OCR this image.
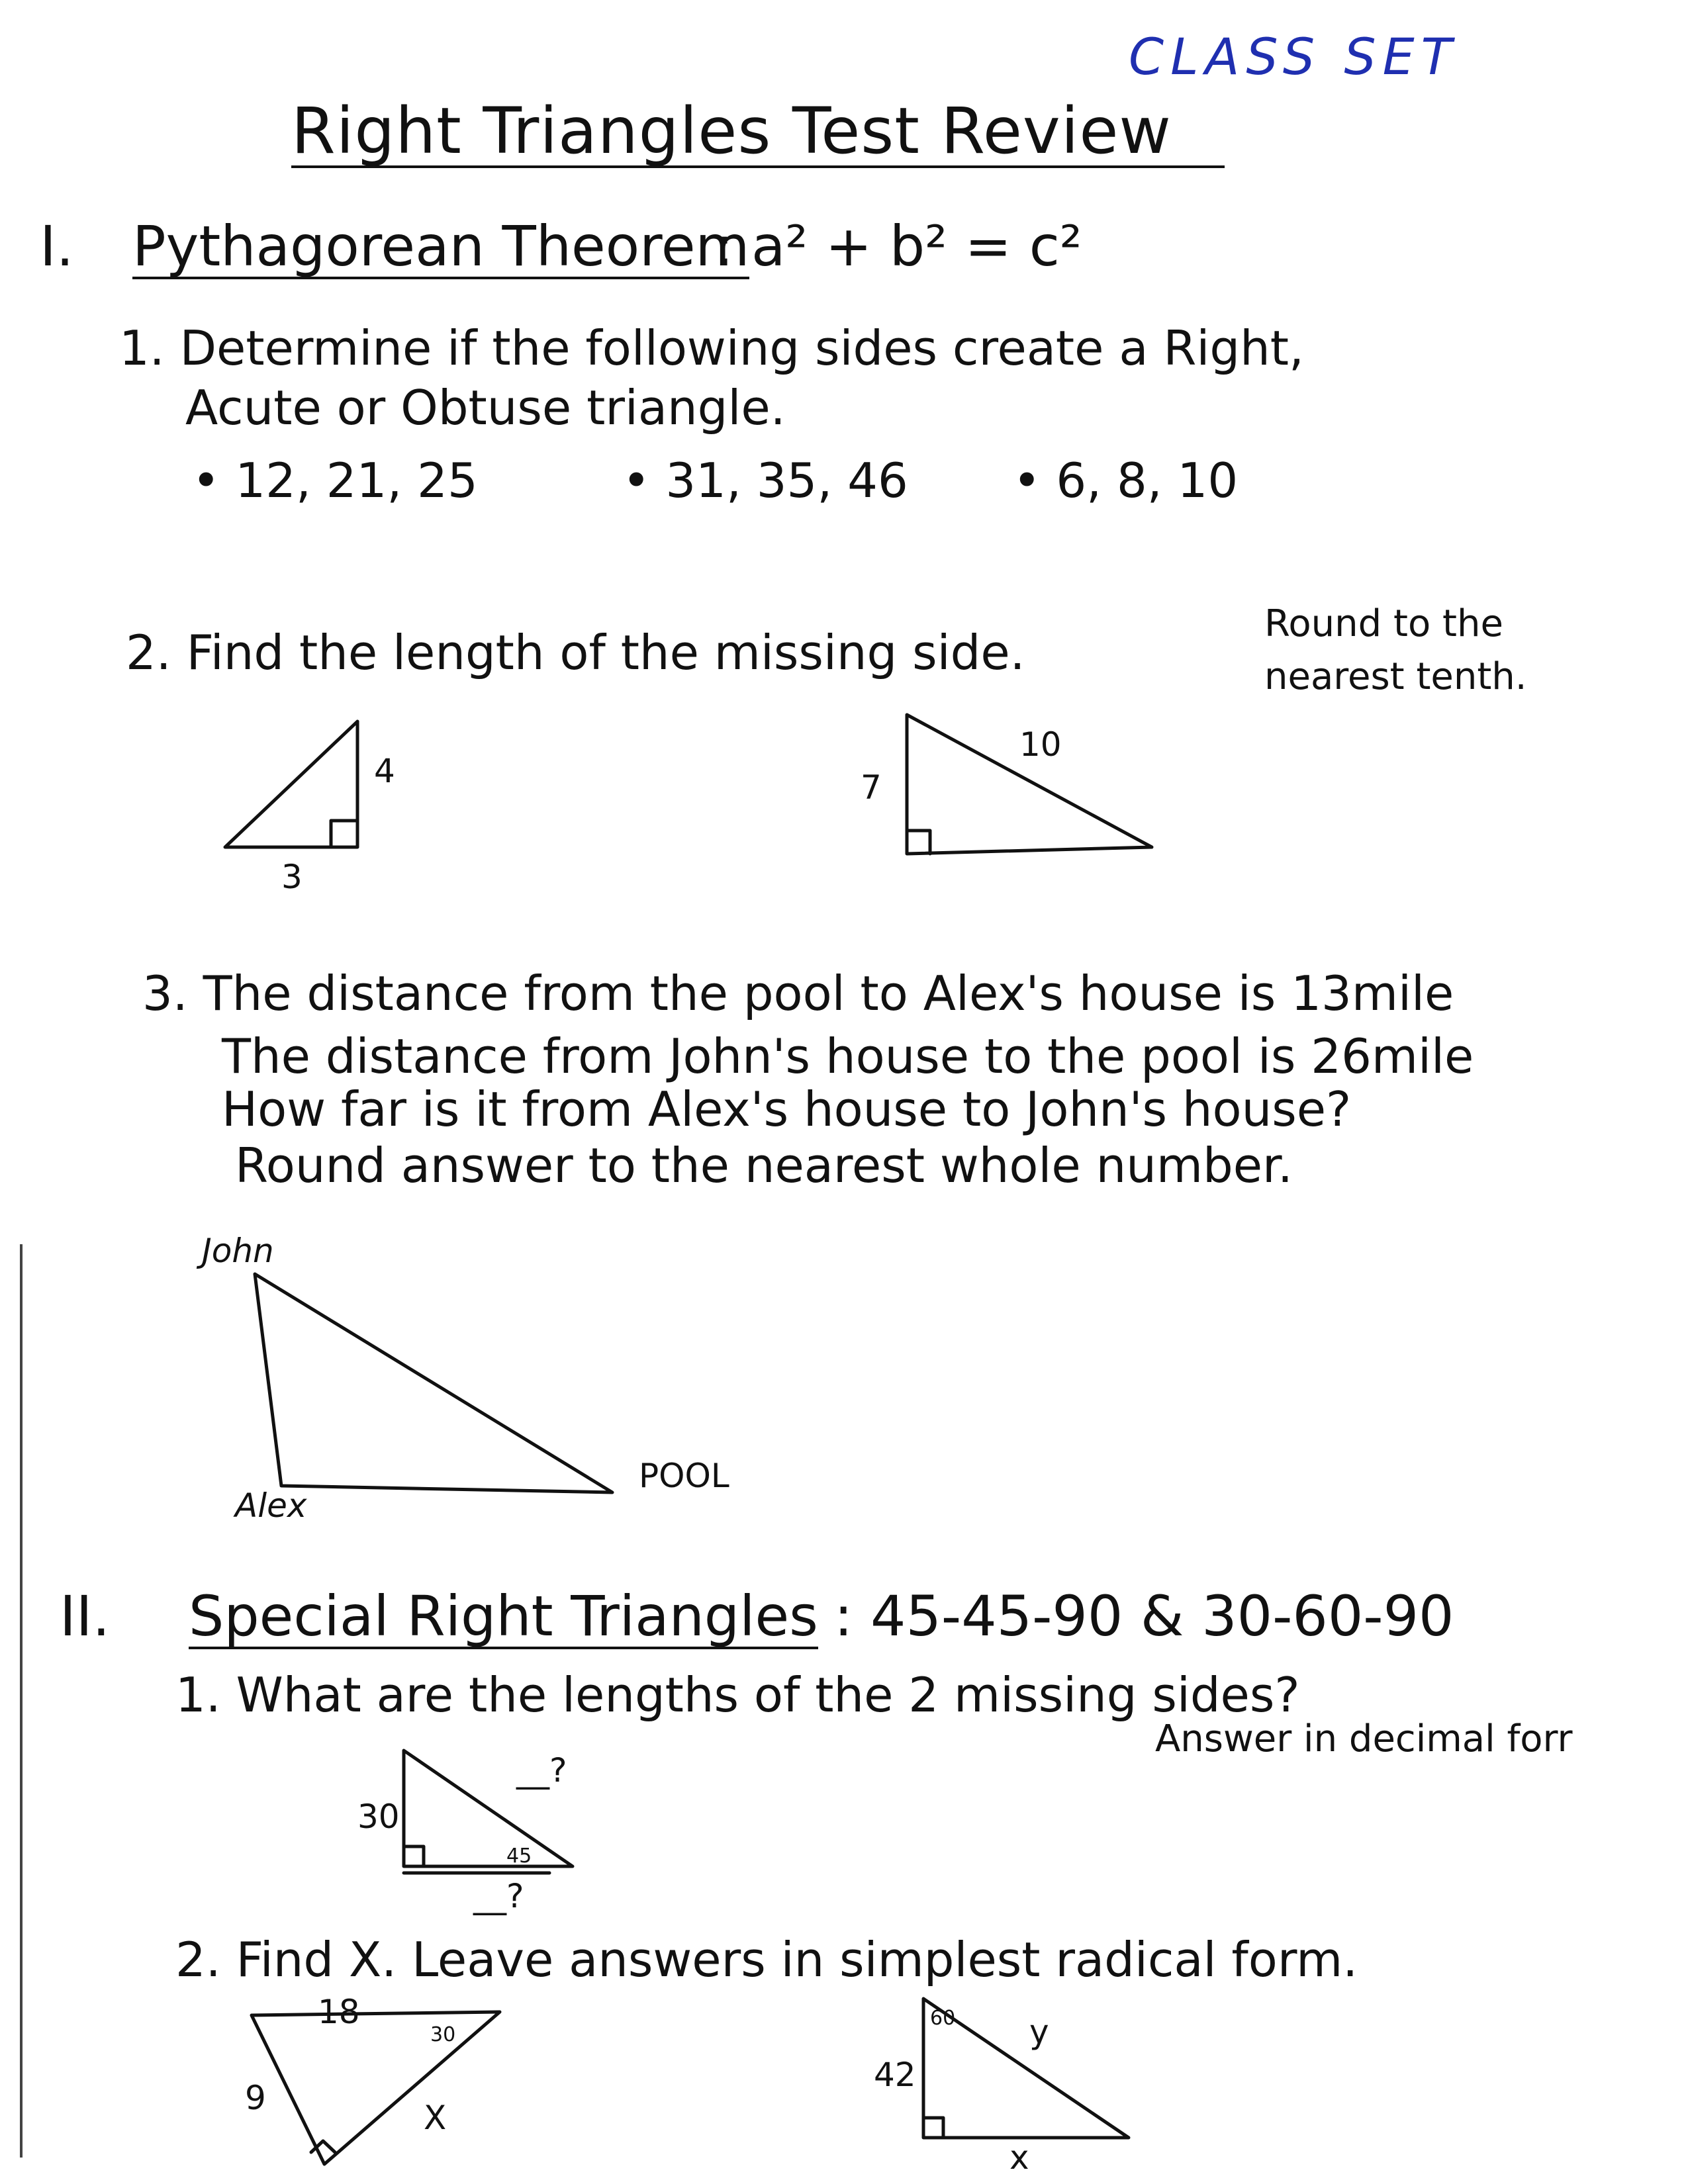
CLASS SET
Right Triangles Test Review
I. Pythagorean Theorem
: a² + b² = c²
1. Determine if the following sides create a Right,
Acute or Obtuse triangle.
• 12, 21, 25	• 31, 35, 46 • 6, 8, 10
2. Find the length of the missing side.
Round to the
nearest tenth.
4
3
7
10
3. The distance from the pool to Alex's house is 13mile
The distance from John's house to the pool is 26mile
How far is it from Alex's house to John's house?
Round answer to the nearest whole number.
John
Alex
POOL
II. Special Right Triangles : 45-45-90 & 30-60-90
1. What are the lengths of the 2 missing sides?
Answer in decimal forr
30
45
__?
__?
2. Find X. Leave answers in simplest radical form.
18
30
9
X
60
42
y
x
